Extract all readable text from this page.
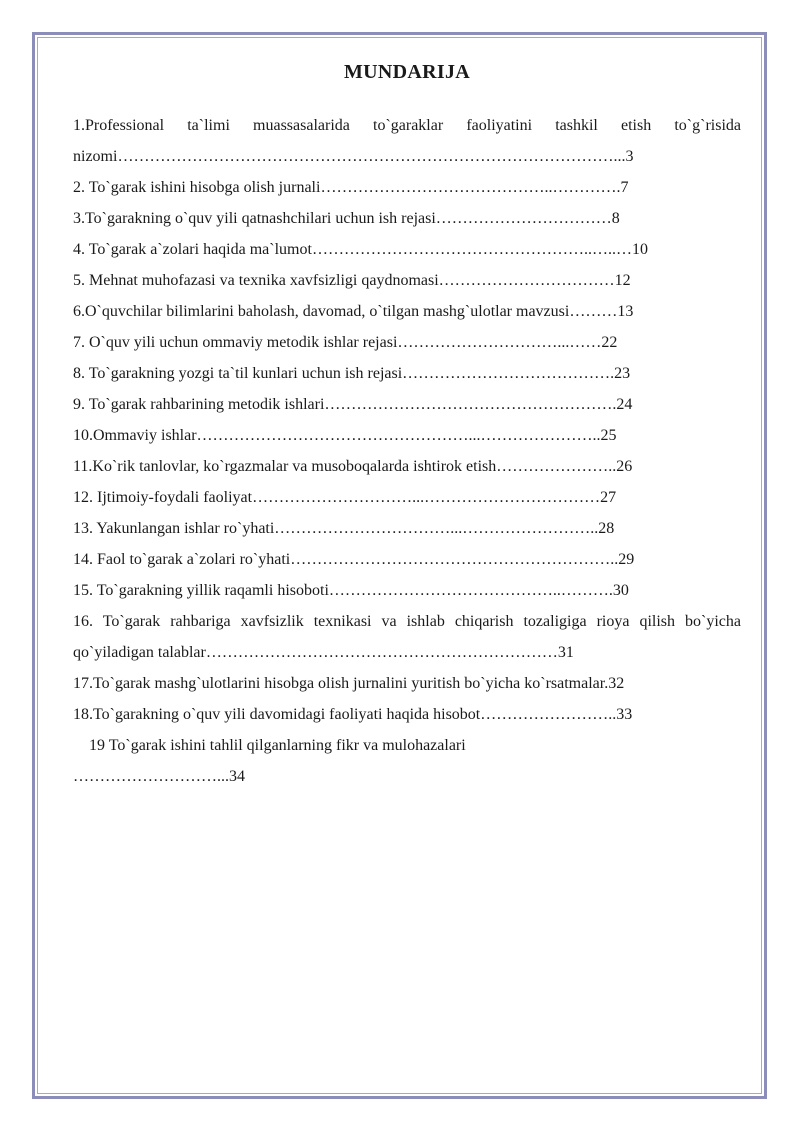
MUNDARIJA

1.Professional ta`limi muassasalarida to`garaklar faoliyatini tashkil etish to`g`risida nizomi…………………………………………………………………………………...3

2. To`garak ishini hisobga olish jurnali……………………………………..………….7

3.To`garakning o`quv yili qatnashchilari uchun ish rejasi……………………………8

4. To`garak a`zolari haqida ma`lumot……………………………………………..…..…10

5. Mehnat muhofazasi va texnika xavfsizligi qaydnomasi……………………………12

6.O`quvchilar bilimlarini baholash, davomad, o`tilgan mashg`ulotlar mavzusi………13

7. O`quv yili uchun ommaviy metodik ishlar rejasi…………………………...……22

8. To`garakning yozgi ta`til kunlari uchun ish rejasi………………………………….23

9. To`garak rahbarining metodik ishlari……………………………………………….24

10.Ommaviy ishlar……………………………………………...…………………..25

11.Ko`rik tanlovlar, ko`rgazmalar va musoboqalarda ishtirok etish…………………..26

12. Ijtimoiy-foydali faoliyat…………………………...……………………………27

13. Yakunlangan ishlar ro`yhati……………………………...……………………..28

14. Faol to`garak a`zolari ro`yhati……………………………………………………..29

15. To`garakning yillik raqamli hisoboti……………………………………..……….30

16. To`garak rahbariga xavfsizlik texnikasi va ishlab chiqarish tozaligiga rioya qilish bo`yicha qo`yiladigan talablar…………………………………………………………31

17.To`garak mashg`ulotlarini hisobga olish jurnalini yuritish bo`yicha ko`rsatmalar.32

18.To`garakning o`quv yili davomidagi faoliyati haqida hisobot……………………..33

19 To`garak ishini tahlil qilganlarning fikr va mulohazalari

………………………...34
